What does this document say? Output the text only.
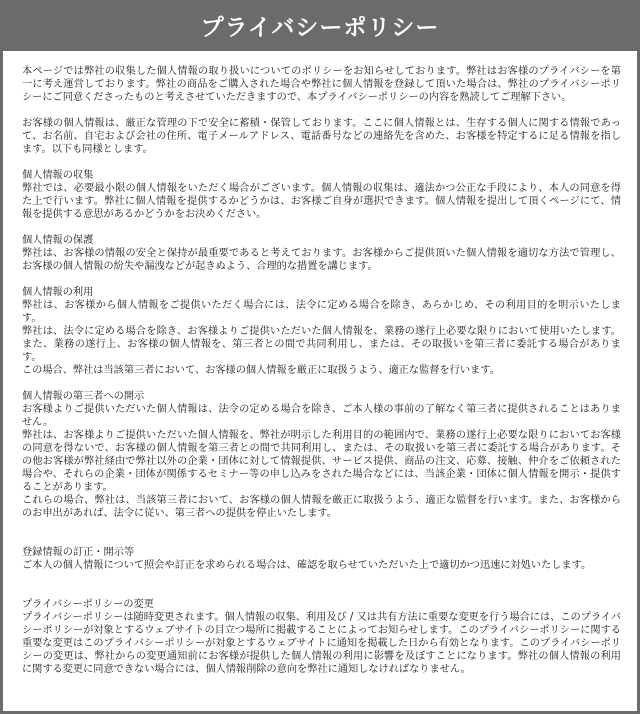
プライバシーポリシー

本ページでは弊社の収集した個人情報の取り扱いについてのポリシーをお知らせしております。弊社はお客様のプライバシーを第一に考え運営しております。弊社の商品をご購入された場合や弊社に個人情報を登録して頂いた場合は、弊社のプライバシーポリシーにご同意くださったものと考えさせていただきますので、本プライバシーポリシーの内容を熟読してご理解下さい。

お客様の個人情報は、厳正な管理の下で安全に蓄積・保管しております。ここに個人情報とは、生存する個人に関する情報であって、お名前、自宅および会社の住所、電子メールアドレス、電話番号などの連絡先を含めた、お客様を特定するに足る情報を指します。以下も同様とします。

個人情報の収集

弊社では、必要最小限の個人情報をいただく場合がございます。個人情報の収集は、適法かつ公正な手段により、本人の同意を得た上で行います。弊社に個人情報を提供するかどうかは、お客様ご自身が選択できます。個人情報を提出して頂くページにて、情報を提供する意思があるかどうかをお決めください。

個人情報の保護

弊社は、お客様の情報の安全と保持が最重要であると考えております。お客様からご提供頂いた個人情報を適切な方法で管理し、お客様の個人情報の紛失や漏洩などが起きぬよう、合理的な措置を講じます。

個人情報の利用

弊社は、お客様から個人情報をご提供いただく場合には、法令に定める場合を除き、あらかじめ、その利用目的を明示いたします。
弊社は、法令に定める場合を除き、お客様よりご提供いただいた個人情報を、業務の遂行上必要な限りにおいて使用いたします。また、業務の遂行上、お客様の個人情報を、第三者との間で共同利用し、または、その取扱いを第三者に委託する場合があります。
この場合、弊社は当該第三者において、お客様の個人情報を厳正に取扱うよう、適正な監督を行います。

個人情報の第三者への開示

お客様よりご提供いただいた個人情報は、法令の定める場合を除き、ご本人様の事前の了解なく第三者に提供されることはありません。
弊社は、お客様よりご提供いただいた個人情報を、弊社が明示した利用目的の範囲内で、業務の遂行上必要な限りにおいてお客様の同意を得ないで、お客様の個人情報を第三者との間で共同利用し、または、その取扱いを第三者に委託する場合があります。その他お客様が弊社経由で弊社以外の企業・団体に対して情報提供、サービス提供、商品の注文、応募、接触、仲介をご依頼された場合や、それらの企業・団体が関係するセミナー等の申し込みをされた場合などには、当該企業・団体に個人情報を開示・提供することがあります。
これらの場合、弊社は、当該第三者において、お客様の個人情報を厳正に取扱うよう、適正な監督を行います。また、お客様からのお申出があれば、法令に従い、第三者への提供を停止いたします。

登録情報の訂正・開示等

ご本人の個人情報について照会や訂正を求められる場合は、確認を取らせていただいた上で適切かつ迅速に対処いたします。

プライバシーポリシーの変更

プライバシーポリシーは随時変更されます。個人情報の収集、利用及び / 又は共有方法に重要な変更を行う場合には、このプライバシーポリシーが対象とするウェブサイトの目立つ場所に掲載することによってお知らせします。このプライバシーポリシーに関する重要な変更はこのプライバシーポリシーが対象とするウェブサイトに通知を掲載した日から有効となります。このプライバシーポリシーの変更は、弊社からの変更通知前にお客様が提供した個人情報の利用に影響を及ぼすことになります。弊社の個人情報の利用に関する変更に同意できない場合には、個人情報削除の意向を弊社に通知しなければなりません。
